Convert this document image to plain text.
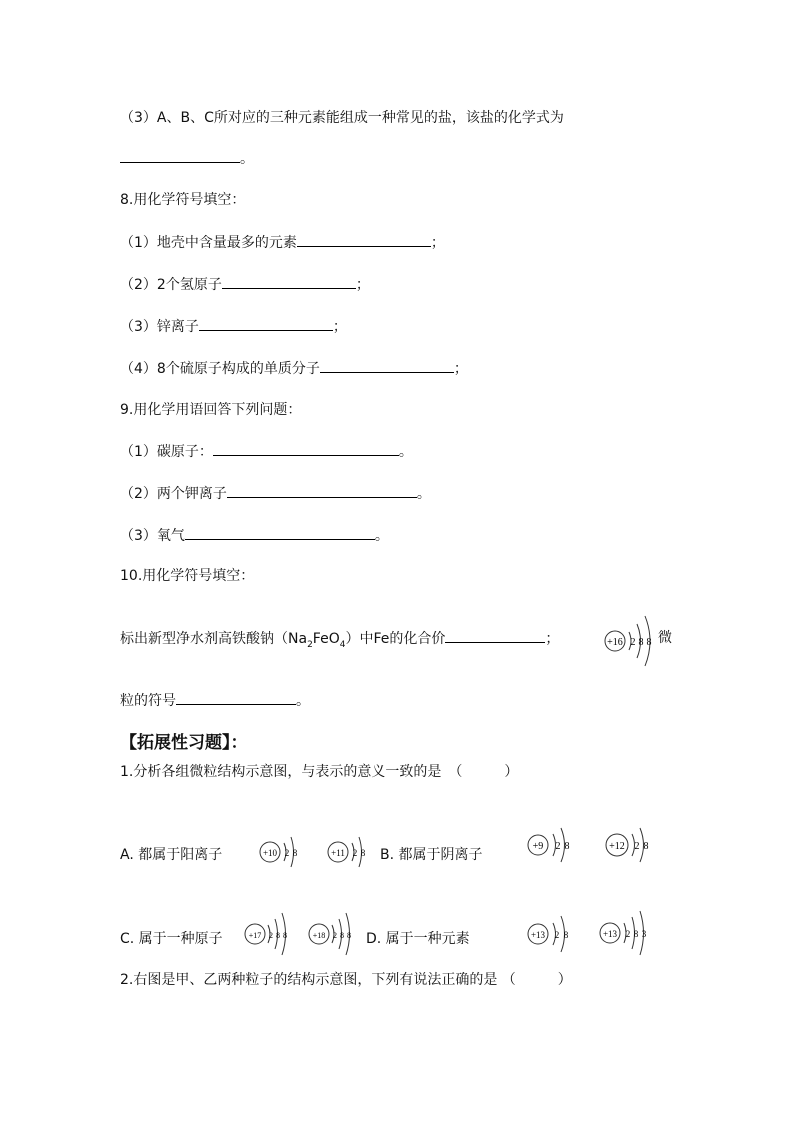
（3）A、B、C所对应的三种元素能组成一种常见的盐，该盐的化学式为
。
8.用化学符号填空：
（1）地壳中含量最多的元素	；
（2）2个氢原子	；
（3）锌离子	；
（4）8个硫原子构成的单质分子	；
9.用化学用语回答下列问题：
（1）碳原子：	。
（2）两个钾离子	。
（3）氧气	。
10.用化学符号填空：
标出新型净水剂高铁酸钠$(Na_2FeO_4)$中Fe的化合价	；	微
+16 2 8 8
粒的符号	。
【拓展性习题】：
1.分析各组微粒结构示意图，与表示的意义一致的是　（　　　）
A. 都属于阳离子	+10 2 8	+11 2 8 B. 都属于阴离子
+9 2 8	+12 2 8
C. 属于一种原子	+17 2 8 8	+18 2 8 8 D. 属于一种元素	+13 2 8	+13 2 8 3
2.右图是甲、乙两种粒子的结构示意图，下列有说法正确的是 （　　　）
